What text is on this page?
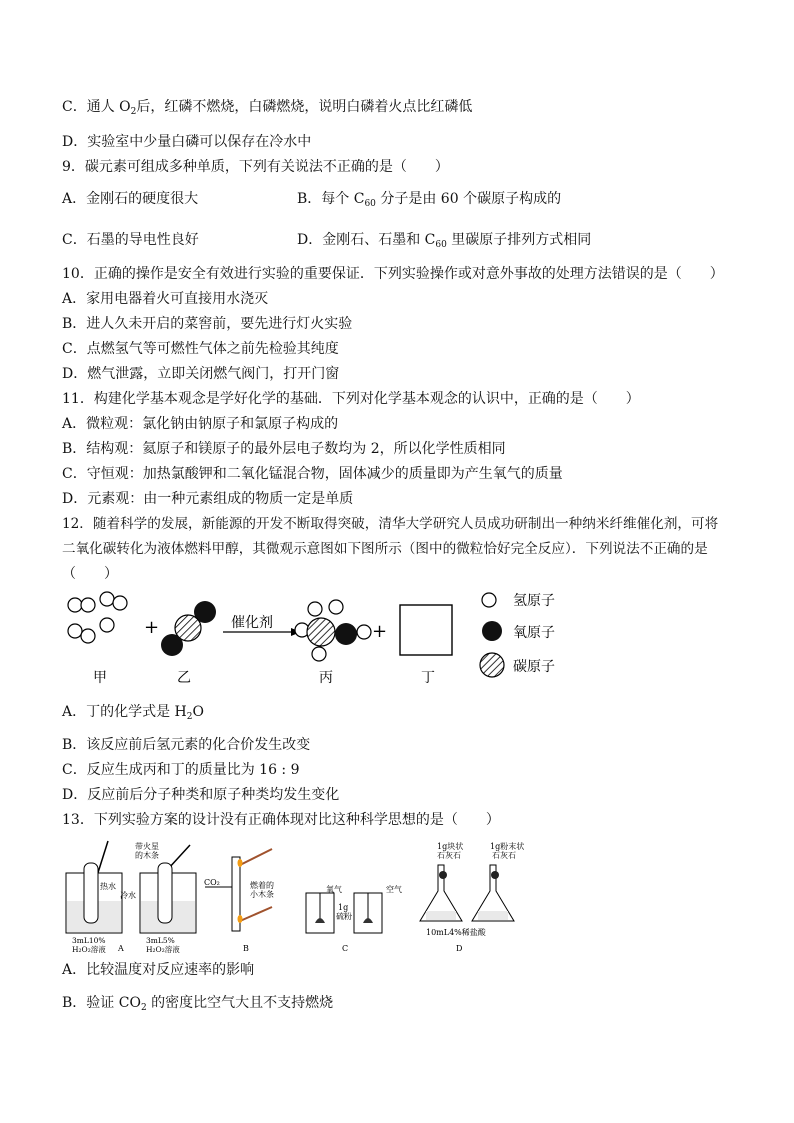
C．通人 $O_2$后，红磷不燃烧，白磷燃烧，说明白磷着火点比红磷低
D．实验室中少量白磷可以保存在冷水中
9．碳元素可组成多种单质，下列有关说法不正确的是（　　）
A．金刚石的硬度很大	B．每个 $C_{60}$ 分子是由 60 个碳原子构成的
C．石墨的导电性良好	D．金刚石、石墨和 $C_{60}$ 里碳原子排列方式相同
10．正确的操作是安全有效进行实验的重要保证．下列实验操作或对意外事故的处理方法错误的是（　　）
A．家用电器着火可直接用水浇灭
B．进人久未开启的菜窖前，要先进行灯火实验
C．点燃氢气等可燃性气体之前先检验其纯度
D．燃气泄露，立即关闭燃气阀门，打开门窗
11．构建化学基本观念是学好化学的基础．下列对化学基本观念的认识中，正确的是（　　）
A．微粒观：氯化钠由钠原子和氯原子构成的
B．结构观：氦原子和镁原子的最外层电子数均为 2，所以化学性质相同
C．守恒观：加热氯酸钾和二氧化锰混合物，固体减少的质量即为产生氧气的质量
D．元素观：由一种元素组成的物质一定是单质
12．随着科学的发展，新能源的开发不断取得突破，清华大学研究人员成功研制出一种纳米纤维催化剂，可将
二氧化碳转化为液体燃料甲醇，其微观示意图如下图所示（图中的微粒恰好完全反应）．下列说法不正确的是
（　　）
+	催化剂	+
甲	乙	丙	丁
氢原子
氧原子
碳原子
A．丁的化学式是 $H_2O$
B．该反应前后氢元素的化合价发生改变
C．反应生成丙和丁的质量比为 16 : 9
D．反应前后分子种类和原子种类均发生变化
13．下列实验方案的设计没有正确体现对比这种科学思想的是（　　）
带火星
的木条
热水
冷水
3mL10%
H₂O₂溶液
3mL5%
H₂O₂溶液
CO₂	燃着的
小木条
氧气	空气
1g
硫粉
1g块状
石灰石
1g粉末状
石灰石
10mL4%稀盐酸
A	B	C	D
A．比较温度对反应速率的影响
B．验证 $CO_2$ 的密度比空气大且不支持燃烧
